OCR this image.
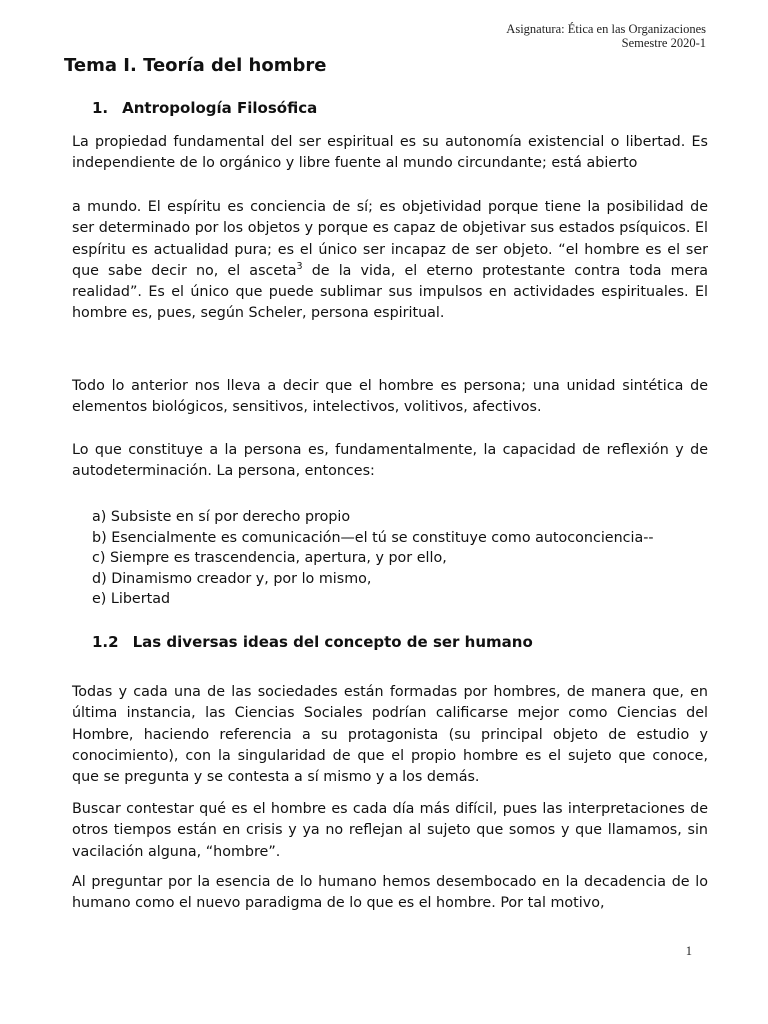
Asignatura: Ética en las Organizaciones
Semestre 2020-1
Tema I. Teoría del hombre
1. Antropología Filosófica

La propiedad fundamental del ser espiritual es su autonomía existencial o libertad. Es independiente de lo orgánico y libre fuente al mundo circundante; está abierto

a mundo. El espíritu es conciencia de sí; es objetividad porque tiene la posibilidad de ser determinado por los objetos y porque es capaz de objetivar sus estados psíquicos. El espíritu es actualidad pura; es el único ser incapaz de ser objeto. “el hombre es el ser que sabe decir no, el asceta$^3$ de la vida, el eterno protestante contra toda mera realidad”. Es el único que puede sublimar sus impulsos en actividades espirituales. El hombre es, pues, según Scheler, persona espiritual.

Todo lo anterior nos lleva a decir que el hombre es persona; una unidad sintética de elementos biológicos, sensitivos, intelectivos, volitivos, afectivos.

Lo que constituye a la persona es, fundamentalmente, la capacidad de reflexión y de autodeterminación. La persona, entonces:

a) Subsiste en sí por derecho propio
b) Esencialmente es comunicación—el tú se constituye como autoconciencia--
c) Siempre es trascendencia, apertura, y por ello,
d) Dinamismo creador y, por lo mismo,
e) Libertad
1.2 Las diversas ideas del concepto de ser humano

Todas y cada una de las sociedades están formadas por hombres, de manera que, en última instancia, las Ciencias Sociales podrían calificarse mejor como Ciencias del Hombre, haciendo referencia a su protagonista (su principal objeto de estudio y conocimiento), con la singularidad de que el propio hombre es el sujeto que conoce, que se pregunta y se contesta a sí mismo y a los demás.

Buscar contestar qué es el hombre es cada día más difícil, pues las interpretaciones de otros tiempos están en crisis y ya no reflejan al sujeto que somos y que llamamos, sin vacilación alguna, “hombre”.

Al preguntar por la esencia de lo humano hemos desembocado en la decadencia de lo humano como el nuevo paradigma de lo que es el hombre. Por tal motivo,

1
